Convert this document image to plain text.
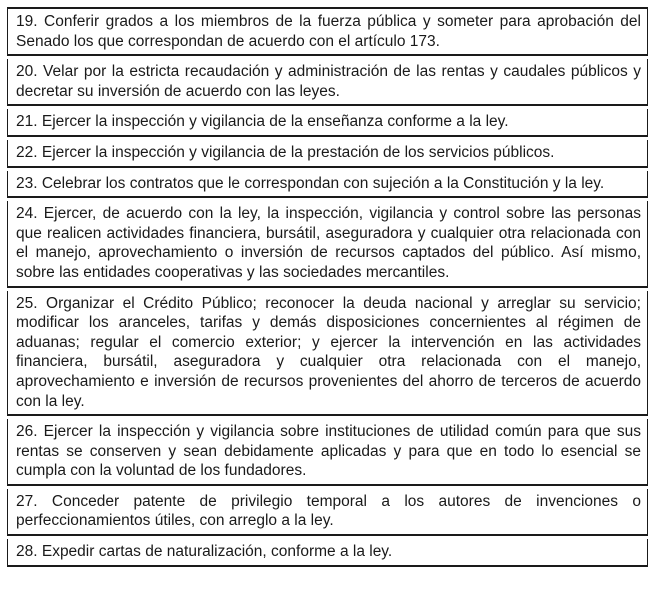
19. Conferir grados a los miembros de la fuerza pública y someter para aprobación del Senado los que correspondan de acuerdo con el artículo 173.
20. Velar por la estricta recaudación y administración de las rentas y caudales públicos y decretar su inversión de acuerdo con las leyes.
21. Ejercer la inspección y vigilancia de la enseñanza conforme a la ley.
22. Ejercer la inspección y vigilancia de la prestación de los servicios públicos.
23. Celebrar los contratos que le correspondan con sujeción a la Constitución y la ley.
24. Ejercer, de acuerdo con la ley, la inspección, vigilancia y control sobre las personas que realicen actividades financiera, bursátil, aseguradora y cualquier otra relacionada con el manejo, aprovechamiento o inversión de recursos captados del público. Así mismo, sobre las entidades cooperativas y las sociedades mercantiles.
25. Organizar el Crédito Público; reconocer la deuda nacional y arreglar su servicio; modificar los aranceles, tarifas y demás disposiciones concernientes al régimen de aduanas; regular el comercio exterior; y ejercer la intervención en las actividades financiera, bursátil, aseguradora y cualquier otra relacionada con el manejo, aprovechamiento e inversión de recursos provenientes del ahorro de terceros de acuerdo con la ley.
26. Ejercer la inspección y vigilancia sobre instituciones de utilidad común para que sus rentas se conserven y sean debidamente aplicadas y para que en todo lo esencial se cumpla con la voluntad de los fundadores.
27. Conceder patente de privilegio temporal a los autores de invenciones o perfeccionamientos útiles, con arreglo a la ley.
28. Expedir cartas de naturalización, conforme a la ley.
